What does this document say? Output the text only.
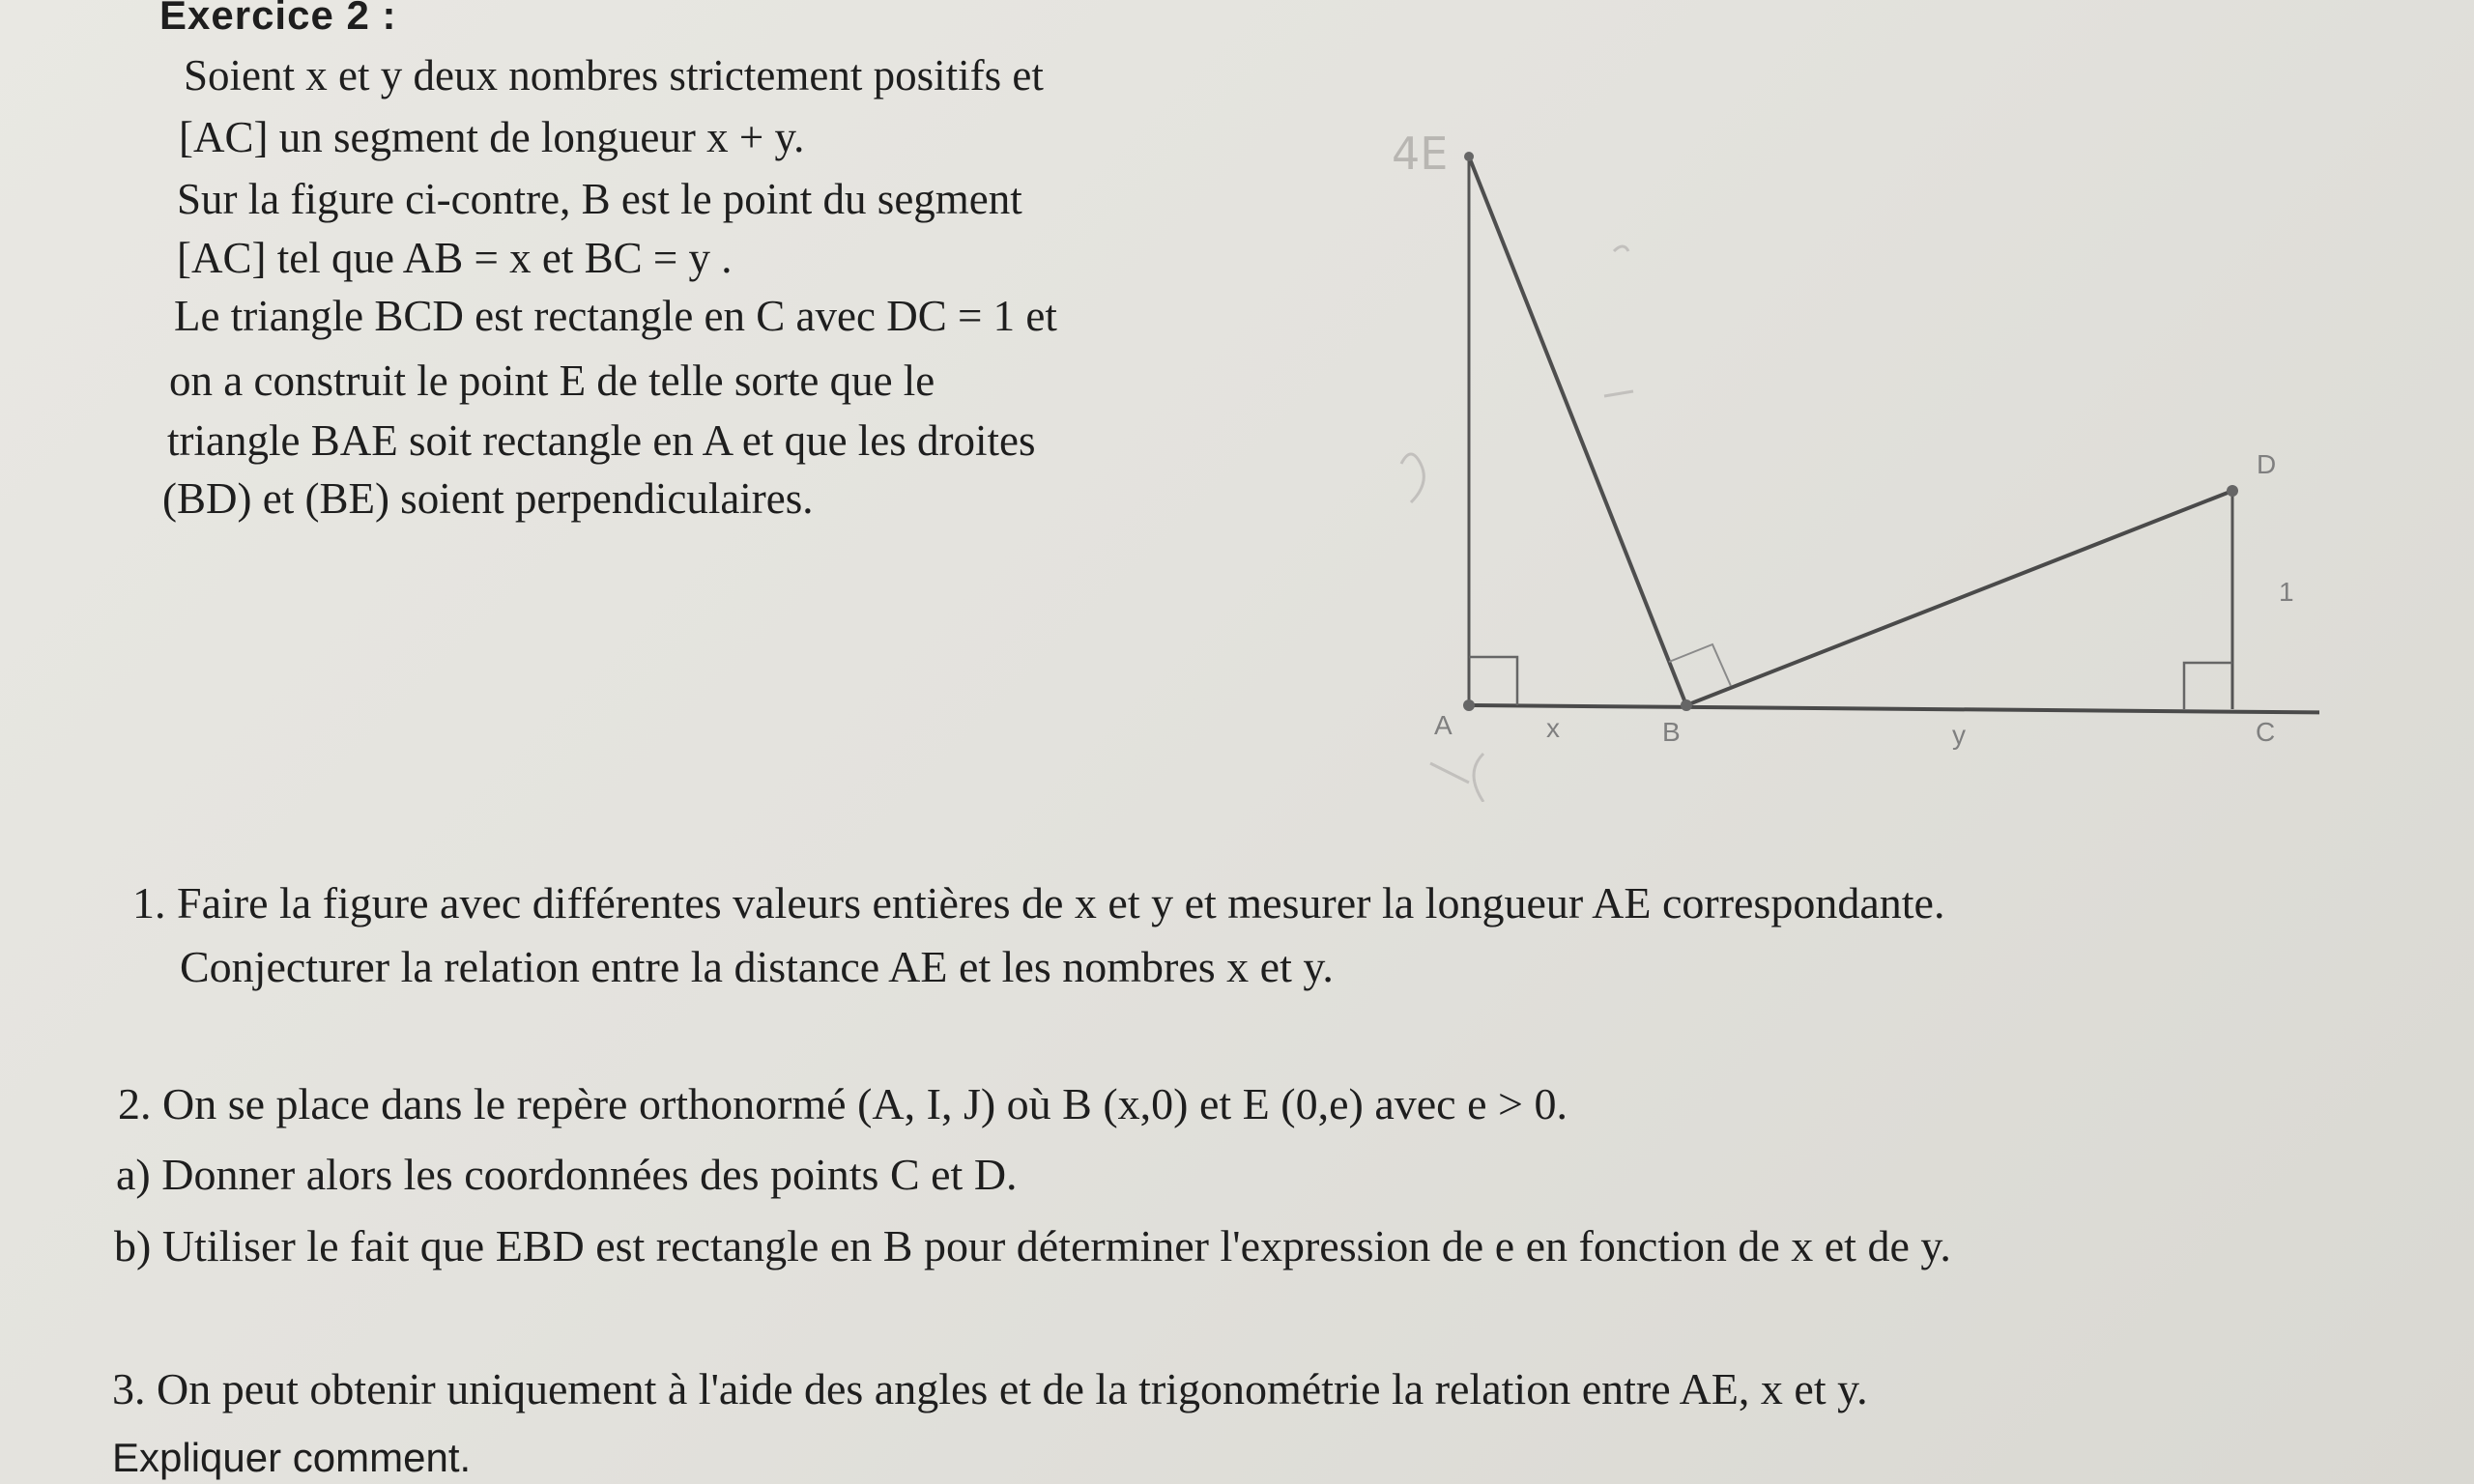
Exercice 2 :
Soient x et y deux nombres strictement positifs et
[AC] un segment de longueur x + y.
Sur la figure ci-contre, B est le point du segment
[AC] tel que AB = x et BC = y .
Le triangle BCD est rectangle en C avec DC = 1 et
on a construit le point E de telle sorte que le
triangle BAE soit rectangle en A et que les droites
(BD) et (BE) soient perpendiculaires.
4E
A	B	C
D
x	y
1
1. Faire la figure avec différentes valeurs entières de x et y et mesurer la longueur AE correspondante.
Conjecturer la relation entre la distance AE et les nombres x et y.
2. On se place dans le repère orthonormé (A, I, J) où B (x,0) et E (0,e) avec e > 0.
a) Donner alors les coordonnées des points C et D.
b) Utiliser le fait que EBD est rectangle en B pour déterminer l'expression de e en fonction de x et de y.
3. On peut obtenir uniquement à l'aide des angles et de la trigonométrie la relation entre AE, x et y.
Expliquer comment.
